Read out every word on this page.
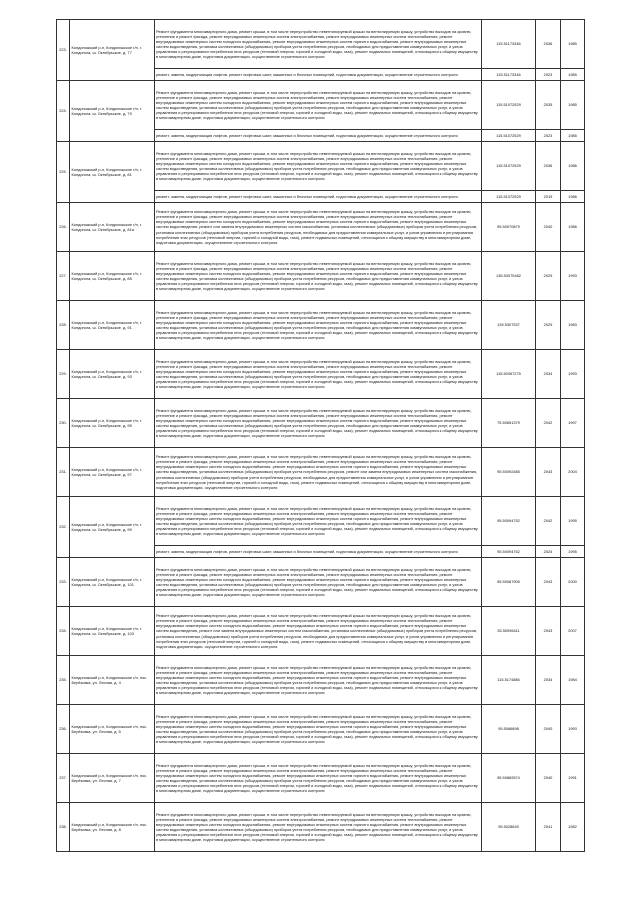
223.	Кондопожский р-н, Кондопожское г/п, г. Кондопога, ш. Октябрьское, д. 77	Ремонт фундамента многоквартирного дома, ремонт крыши, в том числе переустройство невентилируемой крыши на вентилируемую крышу, устройство выходов на кровлю, утепление и ремонт фасада, ремонт внутридомовых инженерных систем электроснабжения, ремонт внутридомовых инженерных систем теплоснабжения, ремонт внутридомовых инженерных систем холодного водоснабжения, ремонт внутридомовых инженерных систем горячего водоснабжения, ремонт внутридомовых инженерных систем водоотведения, установка коллективных (общедомовых) приборов учета потребления ресурсов, необходимых для предоставления коммунальных услуг, и узлов управления и регулирования потребления этих ресурсов (тепловой энергии, горячей и холодной воды, газа), ремонт подвальных помещений, относящихся к общему имуществу в многоквартирном доме, подготовка документации, осуществление строительного контроля	115.51173346	2036	1985
		ремонт, замена, модернизация лифтов, ремонт лифтовых шахт, машинных и блочных помещений, подготовка документации, осуществление строительного контроля	115.51173346	2023	1985
224.	Кондопожский р-н, Кондопожское г/п, г. Кондопога, ш. Октябрьское, д. 79	Ремонт фундамента многоквартирного дома, ремонт крыши, в том числе переустройство невентилируемой крыши на вентилируемую крышу, устройство выходов на кровлю, утепление и ремонт фасада, ремонт внутридомовых инженерных систем электроснабжения, ремонт внутридомовых инженерных систем теплоснабжения, ремонт внутридомовых инженерных систем холодного водоснабжения, ремонт внутридомовых инженерных систем горячего водоснабжения, ремонт внутридомовых инженерных систем водоотведения, установка коллективных (общедомовых) приборов учета потребления ресурсов, необходимых для предоставления коммунальных услуг, и узлов управления и регулирования потребления этих ресурсов (тепловой энергии, горячей и холодной воды, газа), ремонт подвальных помещений, относящихся к общему имуществу в многоквартирном доме, подготовка документации, осуществление строительного контроля	115.51072529	2035	1985
		ремонт, замена, модернизация лифтов, ремонт лифтовых шахт, машинных и блочных помещений, подготовка документации, осуществление строительного контроля	115.51072529	2023	1985
225.	Кондопожский р-н, Кондопожское г/п, г. Кондопога, ш. Октябрьское, д. 81	Ремонт фундамента многоквартирного дома, ремонт крыши, в том числе переустройство невентилируемой крыши на вентилируемую крышу, устройство выходов на кровлю, утепление и ремонт фасада, ремонт внутридомовых инженерных систем электроснабжения, ремонт внутридомовых инженерных систем теплоснабжения, ремонт внутридомовых инженерных систем холодного водоснабжения, ремонт внутридомовых инженерных систем горячего водоснабжения, ремонт внутридомовых инженерных систем водоотведения, установка коллективных (общедомовых) приборов учета потребления ресурсов, необходимых для предоставления коммунальных услуг, и узлов управления и регулирования потребления этих ресурсов (тепловой энергии, горячей и холодной воды, газа), ремонт подвальных помещений, относящихся к общему имуществу в многоквартирном доме, подготовка документации, осуществление строительного контроля	115.51072529	2036	1986
		ремонт, замена, модернизация лифтов, ремонт лифтовых шахт, машинных и блочных помещений, подготовка документации, осуществление строительного контроля	115.51072529	2019	1986
226.	Кондопожский р-н, Кондопожское г/п, г. Кондопога, ш. Октябрьское, д. 81а	Ремонт фундамента многоквартирного дома, ремонт крыши, в том числе переустройство невентилируемой крыши на вентилируемую крышу, устройство выходов на кровлю, утепление и ремонт фасада, ремонт внутридомовых инженерных систем электроснабжения, ремонт внутридомовых инженерных систем теплоснабжения, ремонт внутридомовых инженерных систем холодного водоснабжения, ремонт внутридомовых инженерных систем горячего водоснабжения, ремонт внутридомовых инженерных систем водоотведения, ремонт или замена внутридомовых инженерных систем газоснабжения, установка коллективных (общедомовых) приборов учета потребления ресурсов, установка коллективных (общедомовых) приборов учета потребления ресурсов, необходимых для предоставления коммунальных услуг, и узлов управления и регулирования потребления этих ресурсов (тепловой энергии, горячей и холодной воды, газа), ремонт подвальных помещений, относящихся к общему имуществу в многоквартирном доме, подготовка документации, осуществление строительного контроля	95.50070879	2040	1986
227.	Кондопожский р-н, Кондопожское г/п, г. Кондопога, ш. Октябрьское, д. 85	Ремонт фундамента многоквартирного дома, ремонт крыши, в том числе переустройство невентилируемой крыши на вентилируемую крышу, устройство выходов на кровлю, утепление и ремонт фасада, ремонт внутридомовых инженерных систем электроснабжения, ремонт внутридомовых инженерных систем теплоснабжения, ремонт внутридомовых инженерных систем холодного водоснабжения, ремонт внутридомовых инженерных систем горячего водоснабжения, ремонт внутридомовых инженерных систем водоотведения, установка коллективных (общедомовых) приборов учета потребления ресурсов, необходимых для предоставления коммунальных услуг, и узлов управления и регулирования потребления этих ресурсов (тепловой энергии, горячей и холодной воды, газа), ремонт подвальных помещений, относящихся к общему имуществу в многоквартирном доме, подготовка документации, осуществление строительного контроля	135.53075482	2029	1993
228.	Кондопожский р-н, Кондопожское г/п, г. Кондопога, ш. Октябрьское, д. 91	Ремонт фундамента многоквартирного дома, ремонт крыши, в том числе переустройство невентилируемой крыши на вентилируемую крышу, устройство выходов на кровлю, утепление и ремонт фасада, ремонт внутридомовых инженерных систем электроснабжения, ремонт внутридомовых инженерных систем теплоснабжения, ремонт внутридомовых инженерных систем холодного водоснабжения, ремонт внутридомовых инженерных систем горячего водоснабжения, ремонт внутридомовых инженерных систем водоотведения, установка коллективных (общедомовых) приборов учета потребления ресурсов, необходимых для предоставления коммунальных услуг, и узлов управления и регулирования потребления этих ресурсов (тепловой энергии, горячей и холодной воды, газа), ремонт подвальных помещений, относящихся к общему имуществу в многоквартирном доме, подготовка документации, осуществление строительного контроля	135.5307537	2029	1983
229.	Кондопожский р-н, Кондопожское г/п, г. Кондопога, ш. Октябрьское, д. 93	Ремонт фундамента многоквартирного дома, ремонт крыши, в том числе переустройство невентилируемой крыши на вентилируемую крышу, устройство выходов на кровлю, утепление и ремонт фасада, ремонт внутридомовых инженерных систем электроснабжения, ремонт внутридомовых инженерных систем теплоснабжения, ремонт внутридомовых инженерных систем холодного водоснабжения, ремонт внутридомовых инженерных систем горячего водоснабжения, ремонт внутридомовых инженерных систем водоотведения, установка коллективных (общедомовых) приборов учета потребления ресурсов, необходимых для предоставления коммунальных услуг, и узлов управления и регулирования потребления этих ресурсов (тепловой энергии, горячей и холодной воды, газа), ремонт подвальных помещений, относящихся к общему имуществу в многоквартирном доме, подготовка документации, осуществление строительного контроля	115.50067275	2034	1993
230.	Кондопожский р-н, Кондопожское г/п, г. Кондопога, ш. Октябрьское, д. 95	Ремонт фундамента многоквартирного дома, ремонт крыши, в том числе переустройство невентилируемой крыши на вентилируемую крышу, устройство выходов на кровлю, утепление и ремонт фасада, ремонт внутридомовых инженерных систем электроснабжения, ремонт внутридомовых инженерных систем теплоснабжения, ремонт внутридомовых инженерных систем холодного водоснабжения, ремонт внутридомовых инженерных систем горячего водоснабжения, ремонт внутридомовых инженерных систем водоотведения, установка коллективных (общедомовых) приборов учета потребления ресурсов, необходимых для предоставления коммунальных услуг, и узлов управления и регулирования потребления этих ресурсов (тепловой энергии, горячей и холодной воды, газа), ремонт подвальных помещений, относящихся к общему имуществу в многоквартирном доме, подготовка документации, осуществление строительного контроля	75.50651379	2042	1997
231.	Кондопожский р-н, Кондопожское г/п, г. Кондопога, ш. Октябрьское, д. 97	Ремонт фундамента многоквартирного дома, ремонт крыши, в том числе переустройство невентилируемой крыши на вентилируемую крышу, устройство выходов на кровлю, утепление и ремонт фасада, ремонт внутридомовых инженерных систем электроснабжения, ремонт внутридомовых инженерных систем теплоснабжения, ремонт внутридомовых инженерных систем холодного водоснабжения, ремонт внутридомовых инженерных систем горячего водоснабжения, ремонт внутридомовых инженерных систем водоотведения, установка коллективных (общедомовых) приборов учета потребления ресурсов, ремонт или замена внутридомовых инженерных систем газоснабжения, установка коллективных (общедомовых) приборов учета потребления ресурсов, необходимых для предоставления коммунальных услуг, и узлов управления и регулирования потребления этих ресурсов (тепловой энергии, горячей и холодной воды, газа), ремонт подвальных помещений, относящихся к общему имуществу в многоквартирном доме, подготовка документации, осуществление строительного контроля	95.50092485	2043	2004
232.	Кондопожский р-н, Кондопожское г/п, г. Кондопога, ш. Октябрьское, д. 99	Ремонт фундамента многоквартирного дома, ремонт крыши, в том числе переустройство невентилируемой крыши на вентилируемую крышу, устройство выходов на кровлю, утепление и ремонт фасада, ремонт внутридомовых инженерных систем электроснабжения, ремонт внутридомовых инженерных систем теплоснабжения, ремонт внутридомовых инженерных систем холодного водоснабжения, ремонт внутридомовых инженерных систем горячего водоснабжения, ремонт внутридомовых инженерных систем водоотведения, установка коллективных (общедомовых) приборов учета потребления ресурсов, необходимых для предоставления коммунальных услуг, и узлов управления и регулирования потребления этих ресурсов (тепловой энергии, горячей и холодной воды, газа), ремонт подвальных помещений, относящихся к общему имуществу в многоквартирном доме, подготовка документации, осуществление строительного контроля	95.50094752	2042	1995
		ремонт, замена, модернизация лифтов, ремонт лифтовых шахт, машинных и блочных помещений, подготовка документации, осуществление строительного контроля	95.50094752	2024	1995
233.	Кондопожский р-н, Кондопожское г/п, г. Кондопога, ш. Октябрьское, д. 101	Ремонт фундамента многоквартирного дома, ремонт крыши, в том числе переустройство невентилируемой крыши на вентилируемую крышу, устройство выходов на кровлю, утепление и ремонт фасада, ремонт внутридомовых инженерных систем электроснабжения, ремонт внутридомовых инженерных систем теплоснабжения, ремонт внутридомовых инженерных систем холодного водоснабжения, ремонт внутридомовых инженерных систем горячего водоснабжения, ремонт внутридомовых инженерных систем водоотведения, установка коллективных (общедомовых) приборов учета потребления ресурсов, необходимых для предоставления коммунальных услуг, и узлов управления и регулирования потребления этих ресурсов (тепловой энергии, горячей и холодной воды, газа), ремонт подвальных помещений, относящихся к общему имуществу в многоквартирном доме, подготовка документации, осуществление строительного контроля	95.50087905	2043	2000
234.	Кондопожский р-н, Кондопожское г/п, г. Кондопога, ш. Октябрьское, д. 103	Ремонт фундамента многоквартирного дома, ремонт крыши, в том числе переустройство невентилируемой крыши на вентилируемую крышу, устройство выходов на кровлю, утепление и ремонт фасада, ремонт внутридомовых инженерных систем электроснабжения, ремонт внутридомовых инженерных систем теплоснабжения, ремонт внутридомовых инженерных систем холодного водоснабжения, ремонт внутридомовых инженерных систем горячего водоснабжения, ремонт внутридомовых инженерных систем водоотведения, ремонт или замена внутридомовых инженерных систем газоснабжения, установка коллективных (общедомовых) приборов учета потребления ресурсов, установка коллективных (общедомовых) приборов учета потребления ресурсов, необходимых для предоставления коммунальных услуг, и узлов управления и регулирования потребления этих ресурсов (тепловой энергии, горячей и холодной воды, газа), ремонт подвальных помещений, относящихся к общему имуществу в многоквартирном доме, подготовка документации, осуществление строительного контроля	35.50096411	2043	2007
235.	Кондопожский р-н, Кондопожское г/п, пос. Берёзовка, ул. Лесная, д. 4	Ремонт фундамента многоквартирного дома, ремонт крыши, в том числе переустройство невентилируемой крыши на вентилируемую крышу, устройство выходов на кровлю, утепление и ремонт фасада, ремонт внутридомовых инженерных систем электроснабжения, ремонт внутридомовых инженерных систем теплоснабжения, ремонт внутридомовых инженерных систем холодного водоснабжения, ремонт внутридомовых инженерных систем горячего водоснабжения, ремонт внутридомовых инженерных систем водоотведения, установка коллективных (общедомовых) приборов учета потребления ресурсов, необходимых для предоставления коммунальных услуг, и узлов управления и регулирования потребления этих ресурсов (тепловой энергии, горячей и холодной воды, газа), ремонт подвальных помещений, относящихся к общему имуществу в многоквартирном доме, подготовка документации, осуществление строительного контроля	115.5174886	2034	1984
236.	Кондопожский р-н, Кондопожское г/п, пос. Берёзовка, ул. Лесная, д. 5	Ремонт фундамента многоквартирного дома, ремонт крыши, в том числе переустройство невентилируемой крыши на вентилируемую крышу, устройство выходов на кровлю, утепление и ремонт фасада, ремонт внутридомовых инженерных систем электроснабжения, ремонт внутридомовых инженерных систем теплоснабжения, ремонт внутридомовых инженерных систем холодного водоснабжения, ремонт внутридомовых инженерных систем горячего водоснабжения, ремонт внутридомовых инженерных систем водоотведения, установка коллективных (общедомовых) приборов учета потребления ресурсов, необходимых для предоставления коммунальных услуг, и узлов управления и регулирования потребления этих ресурсов (тепловой энергии, горячей и холодной воды, газа), ремонт подвальных помещений, относящихся к общему имуществу в многоквартирном доме, подготовка документации, осуществление строительного контроля	95.5066898	2040	1993
237.	Кондопожский р-н, Кондопожское г/п, пос. Берёзовка, ул. Лесная, д. 7	Ремонт фундамента многоквартирного дома, ремонт крыши, в том числе переустройство невентилируемой крыши на вентилируемую крышу, устройство выходов на кровлю, утепление и ремонт фасада, ремонт внутридомовых инженерных систем электроснабжения, ремонт внутридомовых инженерных систем теплоснабжения, ремонт внутридомовых инженерных систем холодного водоснабжения, ремонт внутридомовых инженерных систем горячего водоснабжения, ремонт внутридомовых инженерных систем водоотведения, установка коллективных (общедомовых) приборов учета потребления ресурсов, необходимых для предоставления коммунальных услуг, и узлов управления и регулирования потребления этих ресурсов (тепловой энергии, горячей и холодной воды, газа), ремонт подвальных помещений, относящихся к общему имуществу в многоквартирном доме, подготовка документации, осуществление строительного контроля	95.50869574	2040	1991
238.	Кондопожский р-н, Кондопожское г/п, пос. Берёзовка, ул. Лесная, д. 8	Ремонт фундамента многоквартирного дома, ремонт крыши, в том числе переустройство невентилируемой крыши на вентилируемую крышу, устройство выходов на кровлю, утепление и ремонт фасада, ремонт внутридомовых инженерных систем электроснабжения, ремонт внутридомовых инженерных систем теплоснабжения, ремонт внутридомовых инженерных систем холодного водоснабжения, ремонт внутридомовых инженерных систем горячего водоснабжения, ремонт внутридомовых инженерных систем водоотведения, установка коллективных (общедомовых) приборов учета потребления ресурсов, необходимых для предоставления коммунальных услуг, и узлов управления и регулирования потребления этих ресурсов (тепловой энергии, горячей и холодной воды, газа), ремонт подвальных помещений, относящихся к общему имуществу в многоквартирном доме, подготовка документации, осуществление строительного контроля	95.5028649	2041	1982
